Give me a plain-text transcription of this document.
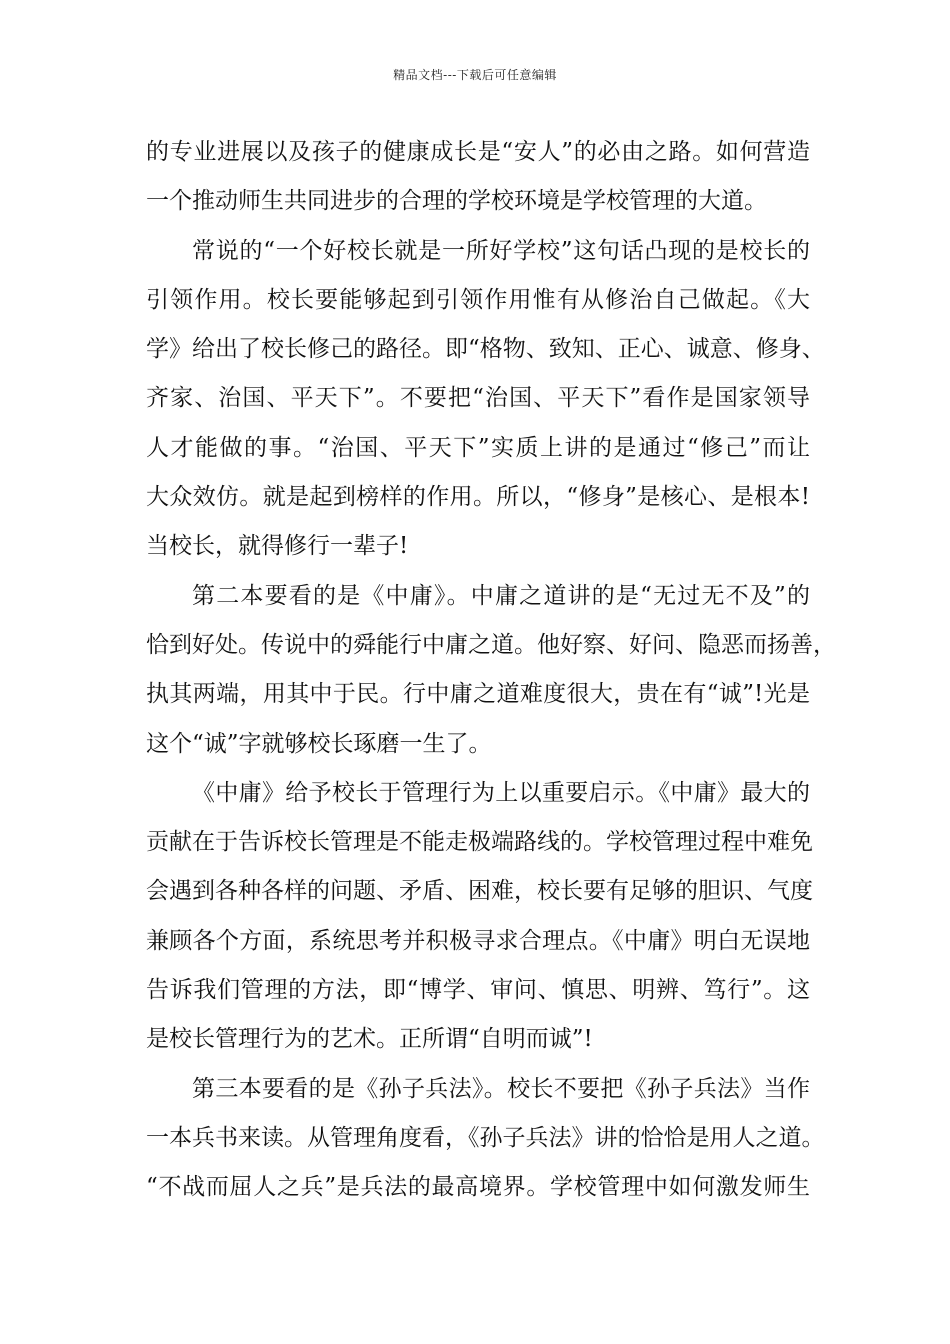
精品文档---下载后可任意编辑
的专业进展以及孩子的健康成长是“安人”的必由之路。如何营造
一个推动师生共同进步的合理的学校环境是学校管理的大道。
常说的“一个好校长就是一所好学校”这句话凸现的是校长的
引领作用。校长要能够起到引领作用惟有从修治自己做起。《大
学》给出了校长修己的路径。即“格物、致知、正心、诚意、修身、
齐家、治国、平天下”。不要把“治国、平天下”看作是国家领导
人才能做的事。“治国、平天下”实质上讲的是通过“修己”而让
大众效仿。就是起到榜样的作用。所以，“修身”是核心、是根本!
当校长，就得修行一辈子!
第二本要看的是《中庸》。中庸之道讲的是“无过无不及”的
恰到好处。传说中的舜能行中庸之道。他好察、好问、隐恶而扬善，
执其两端，用其中于民。行中庸之道难度很大，贵在有“诚”!光是
这个“诚”字就够校长琢磨一生了。
《中庸》给予校长于管理行为上以重要启示。《中庸》最大的
贡献在于告诉校长管理是不能走极端路线的。学校管理过程中难免
会遇到各种各样的问题、矛盾、困难，校长要有足够的胆识、气度
兼顾各个方面，系统思考并积极寻求合理点。《中庸》明白无误地
告诉我们管理的方法，即“博学、审问、慎思、明辨、笃行”。这
是校长管理行为的艺术。正所谓“自明而诚”!
第三本要看的是《孙子兵法》。校长不要把《孙子兵法》当作
一本兵书来读。从管理角度看，《孙子兵法》讲的恰恰是用人之道。
“不战而屈人之兵”是兵法的最高境界。学校管理中如何激发师生
